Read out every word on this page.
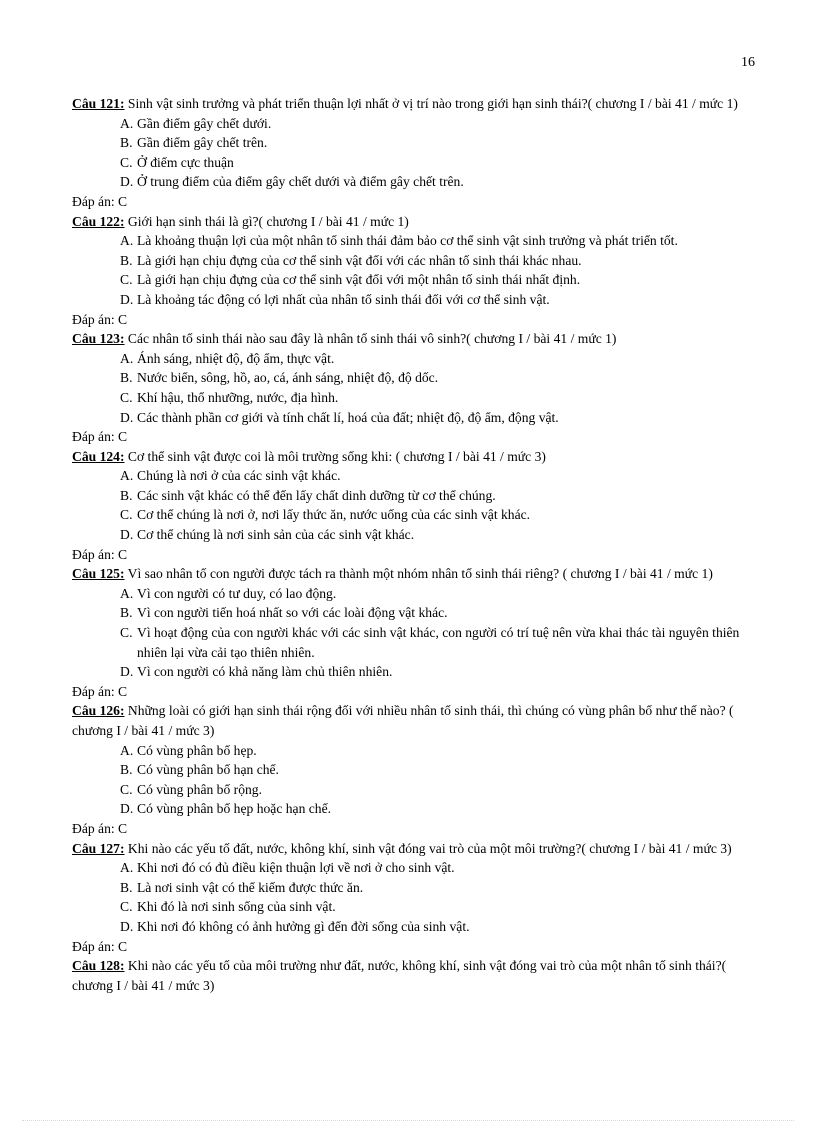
16
Câu 121: Sinh vật sinh trưởng và phát triển thuận lợi nhất ở vị trí nào trong giới hạn sinh thái?( chương I / bài 41 / mức 1)
A. Gần điểm gây chết dưới.
B. Gần điểm gây chết trên.
C. Ở điểm cực thuận
D. Ở trung điểm của điểm gây chết dưới và điểm gây chết trên.
Đáp án: C
Câu 122: Giới hạn sinh thái là gì?( chương I / bài 41 / mức 1)
A. Là khoảng thuận lợi của một nhân tố sinh thái đảm bảo cơ thể sinh vật sinh trưởng và phát triển tốt.
B. Là giới hạn chịu đựng của cơ thể sinh vật đối với các nhân tố sinh thái khác nhau.
C. Là giới hạn chịu đựng của cơ thể sinh vật đối với một nhân tố sinh thái nhất định.
D. Là khoảng tác động có lợi nhất của nhân tố sinh thái đối với cơ thể sinh vật.
Đáp án: C
Câu 123: Các nhân tố sinh thái nào sau đây là nhân tố sinh thái vô sinh?( chương I / bài 41 / mức 1)
A. Ánh sáng, nhiệt độ, độ ẩm, thực vật.
B. Nước biển, sông, hồ, ao, cá, ánh sáng, nhiệt độ, độ dốc.
C. Khí hậu, thổ nhưỡng, nước, địa hình.
D. Các thành phần cơ giới và tính chất lí, hoá của đất; nhiệt độ, độ ẩm, động vật.
Đáp án: C
Câu 124: Cơ thể sinh vật được coi là môi trường sống khi: ( chương I / bài 41 / mức 3)
A. Chúng là nơi ở của các sinh vật khác.
B. Các sinh vật khác có thể đến lấy chất dinh dưỡng từ cơ thể chúng.
C. Cơ thể chúng là nơi ở, nơi lấy thức ăn, nước uống của các sinh vật khác.
D. Cơ thể chúng là nơi sinh sản của các sinh vật khác.
Đáp án: C
Câu 125: Vì sao nhân tố con người được tách ra thành một nhóm nhân tố sinh thái riêng? ( chương I / bài 41 / mức 1)
A. Vì con người có tư duy, có lao động.
B. Vì con người tiến hoá nhất so với các loài động vật khác.
C. Vì hoạt động của con người khác với các sinh vật khác, con người có trí tuệ nên vừa khai thác tài nguyên thiên nhiên lại vừa cải tạo thiên nhiên.
D. Vì con người có khả năng làm chủ thiên nhiên.
Đáp án: C
Câu 126: Những loài có giới hạn sinh thái rộng đối với nhiều nhân tố sinh thái, thì chúng có vùng phân bố như thế nào? ( chương I / bài 41 / mức 3)
A. Có vùng phân bố hẹp.
B. Có vùng phân bố hạn chế.
C. Có vùng phân bố rộng.
D. Có vùng phân bố hẹp hoặc hạn chế.
Đáp án: C
Câu 127: Khi nào các yếu tố đất, nước, không khí, sinh vật đóng vai trò của một môi trường?( chương I / bài 41 / mức 3)
A. Khi nơi đó có đủ điều kiện thuận lợi về nơi ở cho sinh vật.
B. Là nơi sinh vật có thể kiếm được thức ăn.
C. Khi đó là nơi sinh sống của sinh vật.
D. Khi nơi đó không có ảnh hưởng gì đến đời sống của sinh vật.
Đáp án: C
Câu 128: Khi nào các yếu tố của môi trường như đất, nước, không khí, sinh vật đóng vai trò của một nhân tố sinh thái?( chương I / bài 41 / mức 3)
